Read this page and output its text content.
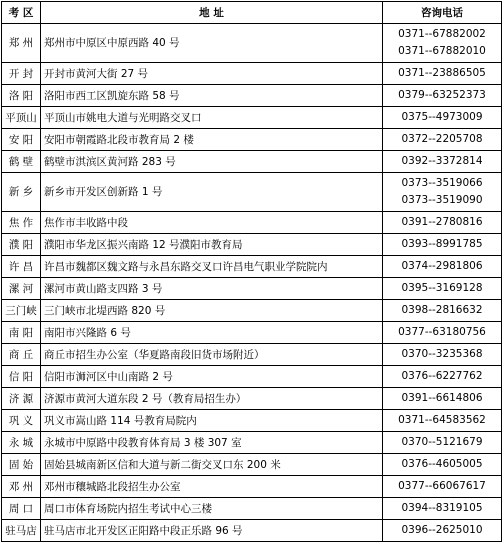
考 区	地 址	咨询电话
郑 州	郑州市中原区中原西路 40 号	0371--67882002
0371--67882010

开 封	开封市黄河大街 27 号	0371--23886505

洛 阳	洛阳市西工区凯旋东路 58 号	0379--63252373

平顶山	平顶山市姚电大道与光明路交叉口	0375--4973009

安 阳	安阳市朝霞路北段市教育局 2 楼	0372--2205708

鹤 壁	鹤壁市淇滨区黄河路 283 号	0392--3372814

新 乡	新乡市开发区创新路 1 号	0373--3519066
0373--3519090

焦 作	焦作市丰收路中段	0391--2780816

濮 阳	濮阳市华龙区振兴南路 12 号濮阳市教育局	0393--8991785

许 昌	许昌市魏都区魏文路与永昌东路交叉口许昌电气职业学院院内	0374--2981806

漯 河	漯河市黄山路支四路 3 号	0395--3169128

三门峡	三门峡市北堤西路 820 号	0398--2816632

南 阳	南阳市兴隆路 6 号	0377--63180756

商 丘	商丘市招生办公室（华夏路南段旧货市场附近）	0370--3235368

信 阳	信阳市浉河区中山南路 2 号	0376--6227762

济 源	济源市黄河大道东段 2 号（教育局招生办）	0391--6614806

巩 义	巩义市嵩山路 114 号教育局院内	0371--64583562

永 城	永城市中原路中段教育体育局 3 楼 307 室	0370--5121679

固 始	固始县城南新区信和大道与新二街交叉口东 200 米	0376--4605005

邓 州	邓州市穰城路北段招生办公室	0377--66067617

周 口	周口市体育场院内招生考试中心三楼	0394--8319105

驻马店	驻马店市北开发区正阳路中段正乐路 96 号	0396--2625010
